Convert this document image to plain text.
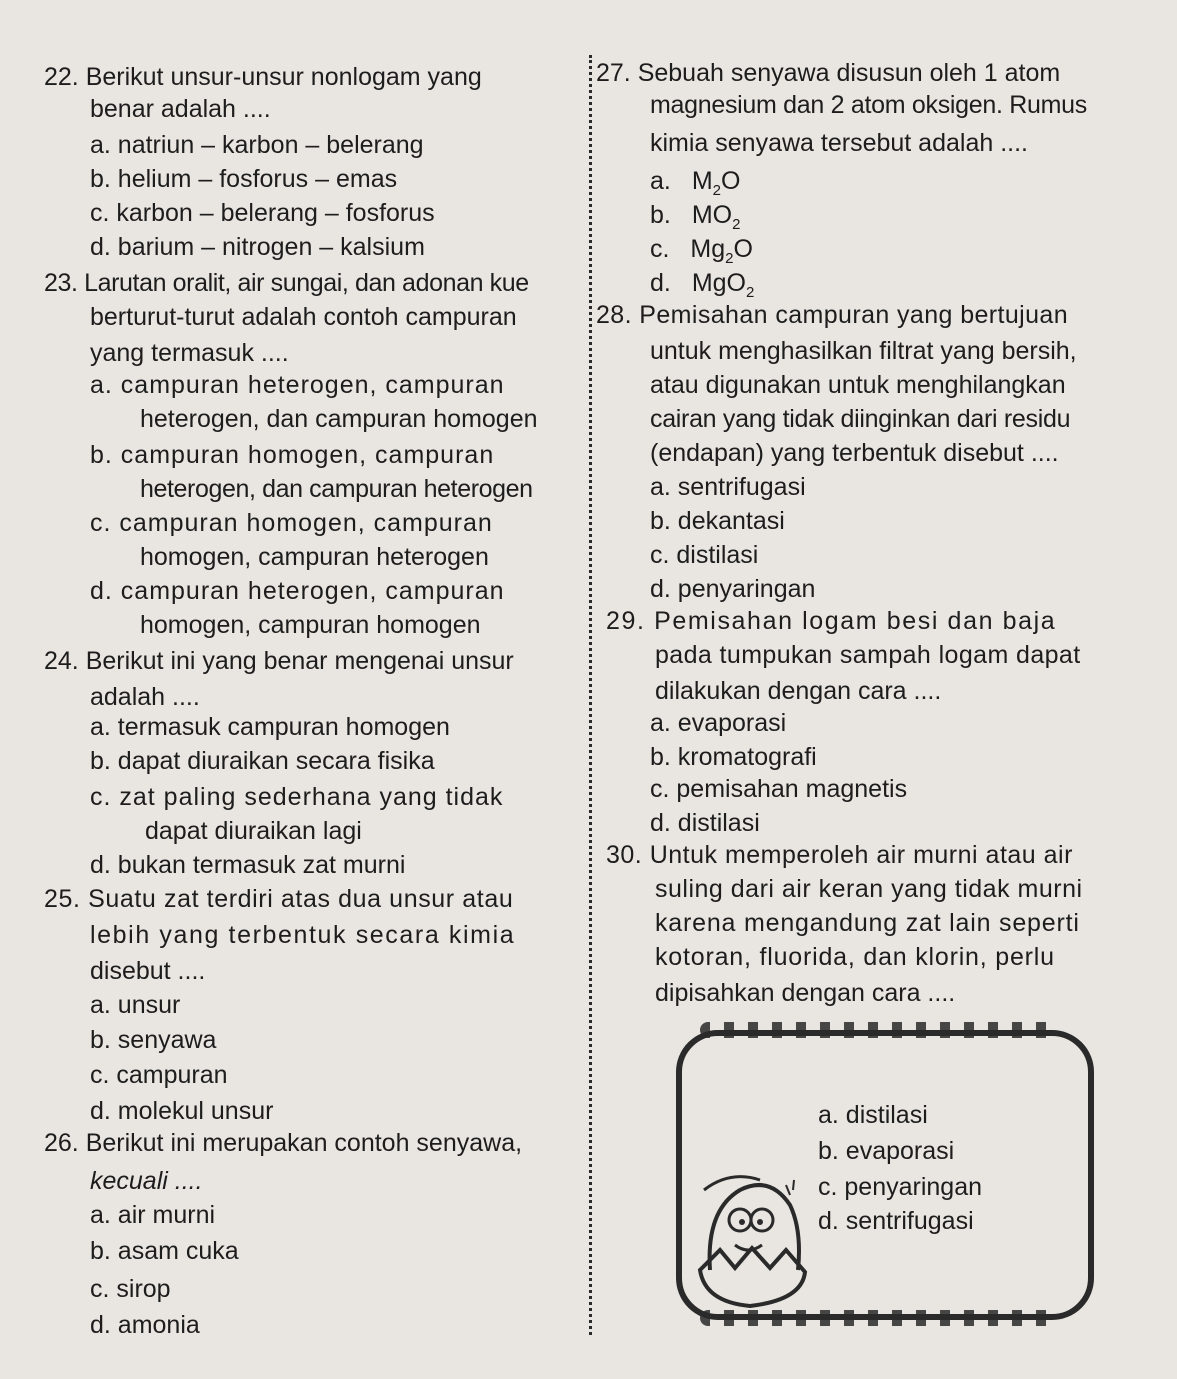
22. Berikut unsur-unsur nonlogam yang
benar adalah ....
a. natriun – karbon – belerang
b. helium – fosforus – emas
c. karbon – belerang – fosforus
d. barium – nitrogen – kalsium
23. Larutan oralit, air sungai, dan adonan kue
berturut-turut adalah contoh campuran
yang termasuk ....
a. campuran heterogen, campuran
heterogen, dan campuran homogen
b. campuran homogen, campuran
heterogen, dan campuran heterogen
c. campuran homogen, campuran
homogen, campuran heterogen
d. campuran heterogen, campuran
homogen, campuran homogen
24. Berikut ini yang benar mengenai unsur
adalah ....
a. termasuk campuran homogen
b. dapat diuraikan secara fisika
c. zat paling sederhana yang tidak
dapat diuraikan lagi
d. bukan termasuk zat murni
25. Suatu zat terdiri atas dua unsur atau
lebih yang terbentuk secara kimia
disebut ....
a. unsur
b. senyawa
c. campuran
d. molekul unsur
26. Berikut ini merupakan contoh senyawa,
kecuali ....
a. air murni
b. asam cuka
c. sirop
d. amonia
27. Sebuah senyawa disusun oleh 1 atom
magnesium dan 2 atom oksigen. Rumus
kimia senyawa tersebut adalah ....
a. $M_2O$
b. $MO_2$
c. $Mg_2O$
d. MgO$_2$
28. Pemisahan campuran yang bertujuan
untuk menghasilkan filtrat yang bersih,
atau digunakan untuk menghilangkan
cairan yang tidak diinginkan dari residu
(endapan) yang terbentuk disebut ....
a. sentrifugasi
b. dekantasi
c. distilasi
d. penyaringan
29. Pemisahan logam besi dan baja
pada tumpukan sampah logam dapat
dilakukan dengan cara ....
a. evaporasi
b. kromatografi
c. pemisahan magnetis
d. distilasi
30. Untuk memperoleh air murni atau air
suling dari air keran yang tidak murni
karena mengandung zat lain seperti
kotoran, fluorida, dan klorin, perlu
dipisahkan dengan cara ....
a. distilasi
b. evaporasi
c. penyaringan
d. sentrifugasi
